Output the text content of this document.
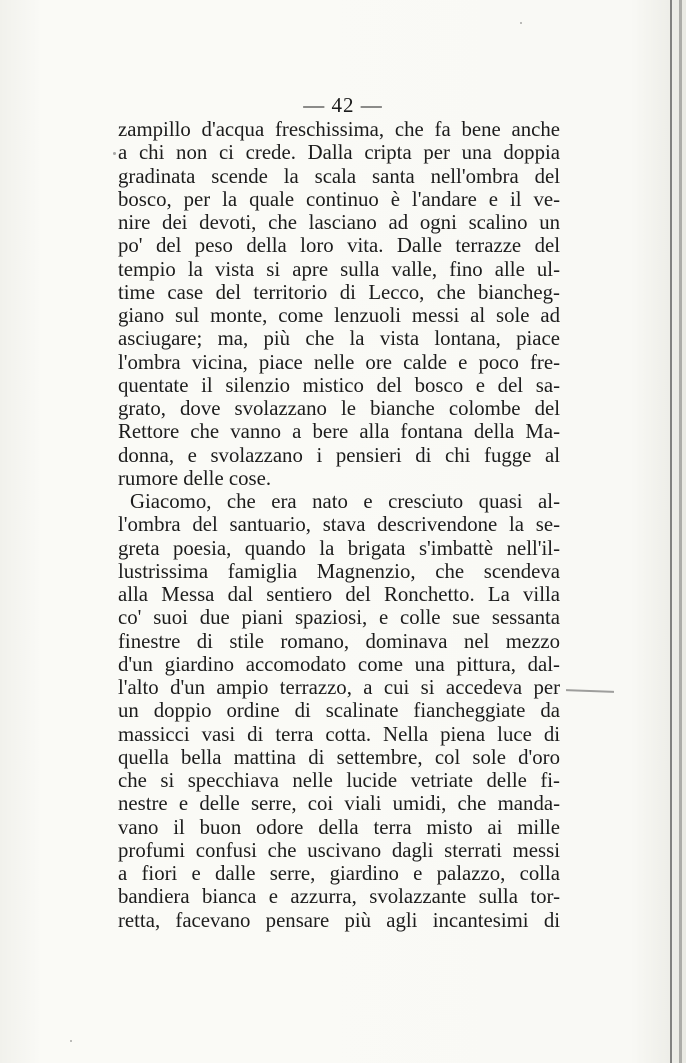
— 42 —
zampillo d'acqua freschissima, che fa bene anche
a chi non ci crede. Dalla cripta per una doppia
gradinata scende la scala santa nell'ombra del
bosco, per la quale continuo è l'andare e il ve-
nire dei devoti, che lasciano ad ogni scalino un
po' del peso della loro vita. Dalle terrazze del
tempio la vista si apre sulla valle, fino alle ul-
time case del territorio di Lecco, che biancheg-
giano sul monte, come lenzuoli messi al sole ad
asciugare; ma, più che la vista lontana, piace
l'ombra vicina, piace nelle ore calde e poco fre-
quentate il silenzio mistico del bosco e del sa-
grato, dove svolazzano le bianche colombe del
Rettore che vanno a bere alla fontana della Ma-
donna, e svolazzano i pensieri di chi fugge al
rumore delle cose.
Giacomo, che era nato e cresciuto quasi al-
l'ombra del santuario, stava descrivendone la se-
greta poesia, quando la brigata s'imbattè nell'il-
lustrissima famiglia Magnenzio, che scendeva
alla Messa dal sentiero del Ronchetto. La villa
co' suoi due piani spaziosi, e colle sue sessanta
finestre di stile romano, dominava nel mezzo
d'un giardino accomodato come una pittura, dal-
l'alto d'un ampio terrazzo, a cui si accedeva per
un doppio ordine di scalinate fiancheggiate da
massicci vasi di terra cotta. Nella piena luce di
quella bella mattina di settembre, col sole d'oro
che si specchiava nelle lucide vetriate delle fi-
nestre e delle serre, coi viali umidi, che manda-
vano il buon odore della terra misto ai mille
profumi confusi che uscivano dagli sterrati messi
a fiori e dalle serre, giardino e palazzo, colla
bandiera bianca e azzurra, svolazzante sulla tor-
retta, facevano pensare più agli incantesimi di
